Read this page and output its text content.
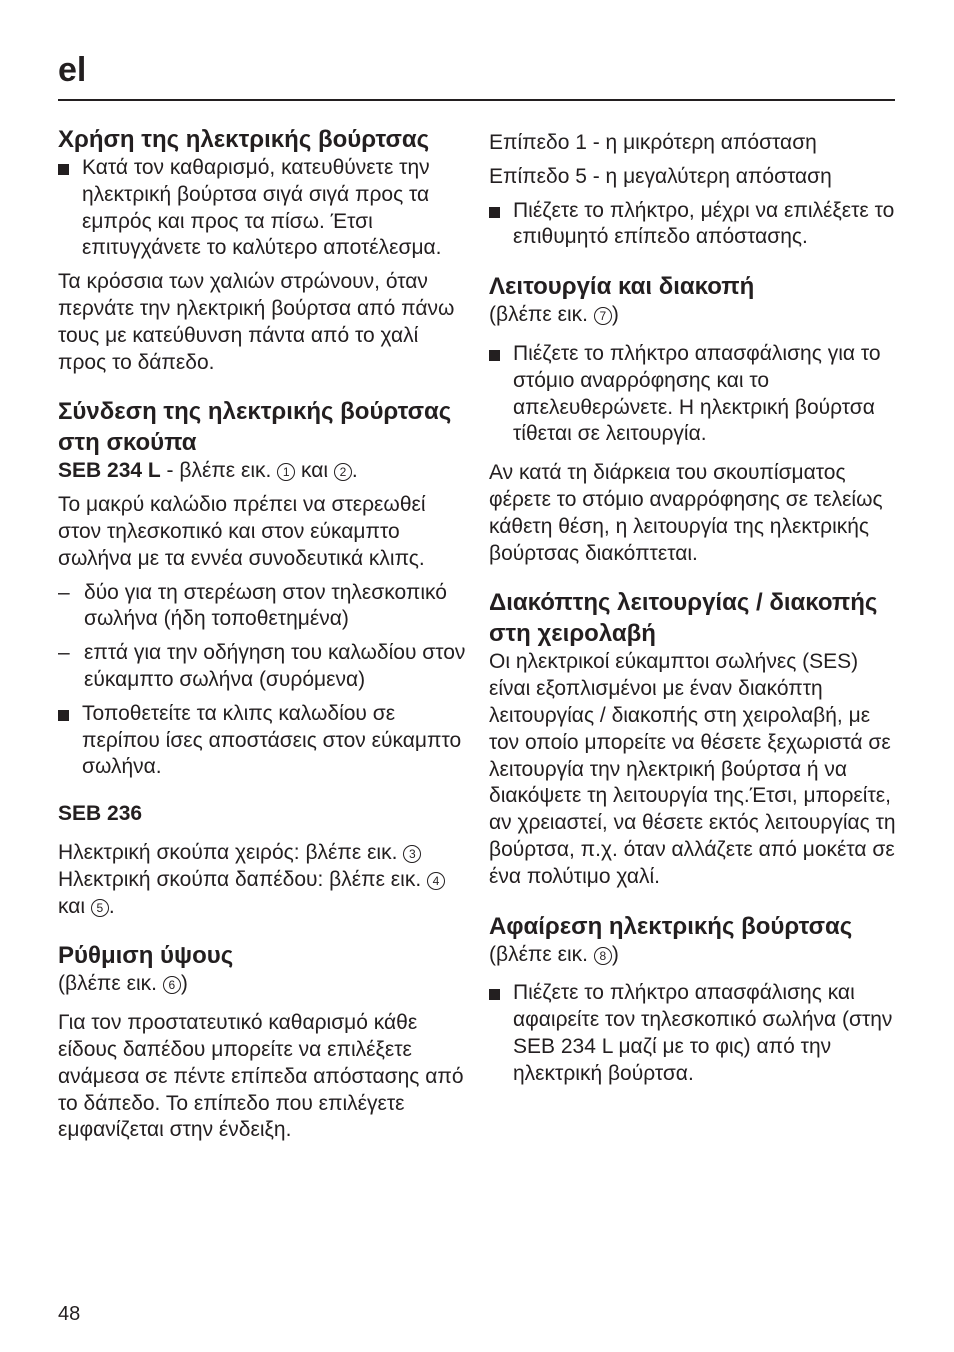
el
Χρήση της ηλεκτρικής βούρτσας
Κατά τον καθαρισμό, κατευθύνετε την ηλεκτρική βούρτσα σιγά σιγά προς τα εμπρός και προς τα πίσω. Έτσι επιτυγχάνετε το καλύτερο αποτέλεσμα.

Τα κρόσσια των χαλιών στρώνουν, όταν περνάτε την ηλεκτρική βούρτσα από πάνω τους με κατεύθυνση πάντα από το χαλί προς το δάπεδο.

Σύνδεση της ηλεκτρικής βούρτσας στη σκούπα

SEB 234 L - βλέπε εικ. 1 και 2 .

Το μακρύ καλώδιο πρέπει να στερεωθεί στον τηλεσκοπικό και στον εύκαμπτο σωλήνα με τα εννέα συνοδευτικά κλιπς.

– δύο για τη στερέωση στον τηλεσκοπικό σωλήνα (ήδη τοποθετημένα)
– επτά για την οδήγηση του καλωδίου στον εύκαμπτο σωλήνα (συρόμενα)
Τοποθετείτε τα κλιπς καλωδίου σε περίπου ίσες αποστάσεις στον εύκαμπτο σωλήνα.

SEB 236

Ηλεκτρική σκούπα χειρός: βλέπε εικ. 3

Ηλεκτρική σκούπα δαπέδου: βλέπε εικ. 4 και 5 .

Ρύθμιση ύψους

(βλέπε εικ. 6 )

Για τον προστατευτικό καθαρισμό κάθε είδους δαπέδου μπορείτε να επιλέξετε ανάμεσα σε πέντε επίπεδα απόστασης από το δάπεδο. Το επίπεδο που επιλέγετε εμφανίζεται στην ένδειξη.

Επίπεδο 1 - η μικρότερη απόσταση

Επίπεδο 5 - η μεγαλύτερη απόσταση

Πιέζετε το πλήκτρο, μέχρι να επιλέξετε το επιθυμητό επίπεδο απόστασης.
Λειτουργία και διακοπή

(βλέπε εικ. 7 )

Πιέζετε το πλήκτρο απασφάλισης για το στόμιο αναρρόφησης και το απελευθερώνετε. Η ηλεκτρική βούρτσα τίθεται σε λειτουργία.

Αν κατά τη διάρκεια του σκουπίσματος φέρετε το στόμιο αναρρόφησης σε τελείως κάθετη θέση, η λειτουργία της ηλεκτρικής βούρτσας διακόπτεται.

Διακόπτης λειτουργίας / διακοπής στη χειρολαβή

Οι ηλεκτρικοί εύκαμπτοι σωλήνες (SES) είναι εξοπλισμένοι με έναν διακόπτη λειτουργίας / διακοπής στη χειρολαβή, με τον οποίο μπορείτε να θέσετε ξεχωριστά σε λειτουργία την ηλεκτρική βούρτσα ή να διακόψετε τη λειτουργία της.Έτσι, μπορείτε, αν χρειαστεί, να θέσετε εκτός λειτουργίας τη βούρτσα, π.χ. όταν αλλάζετε από μοκέτα σε ένα πολύτιμο χαλί.

Αφαίρεση ηλεκτρικής βούρτσας

(βλέπε εικ. 8 )

Πιέζετε το πλήκτρο απασφάλισης και αφαιρείτε τον τηλεσκοπικό σωλήνα (στην SEB 234 L μαζί με το φις) από την ηλεκτρική βούρτσα.
48
